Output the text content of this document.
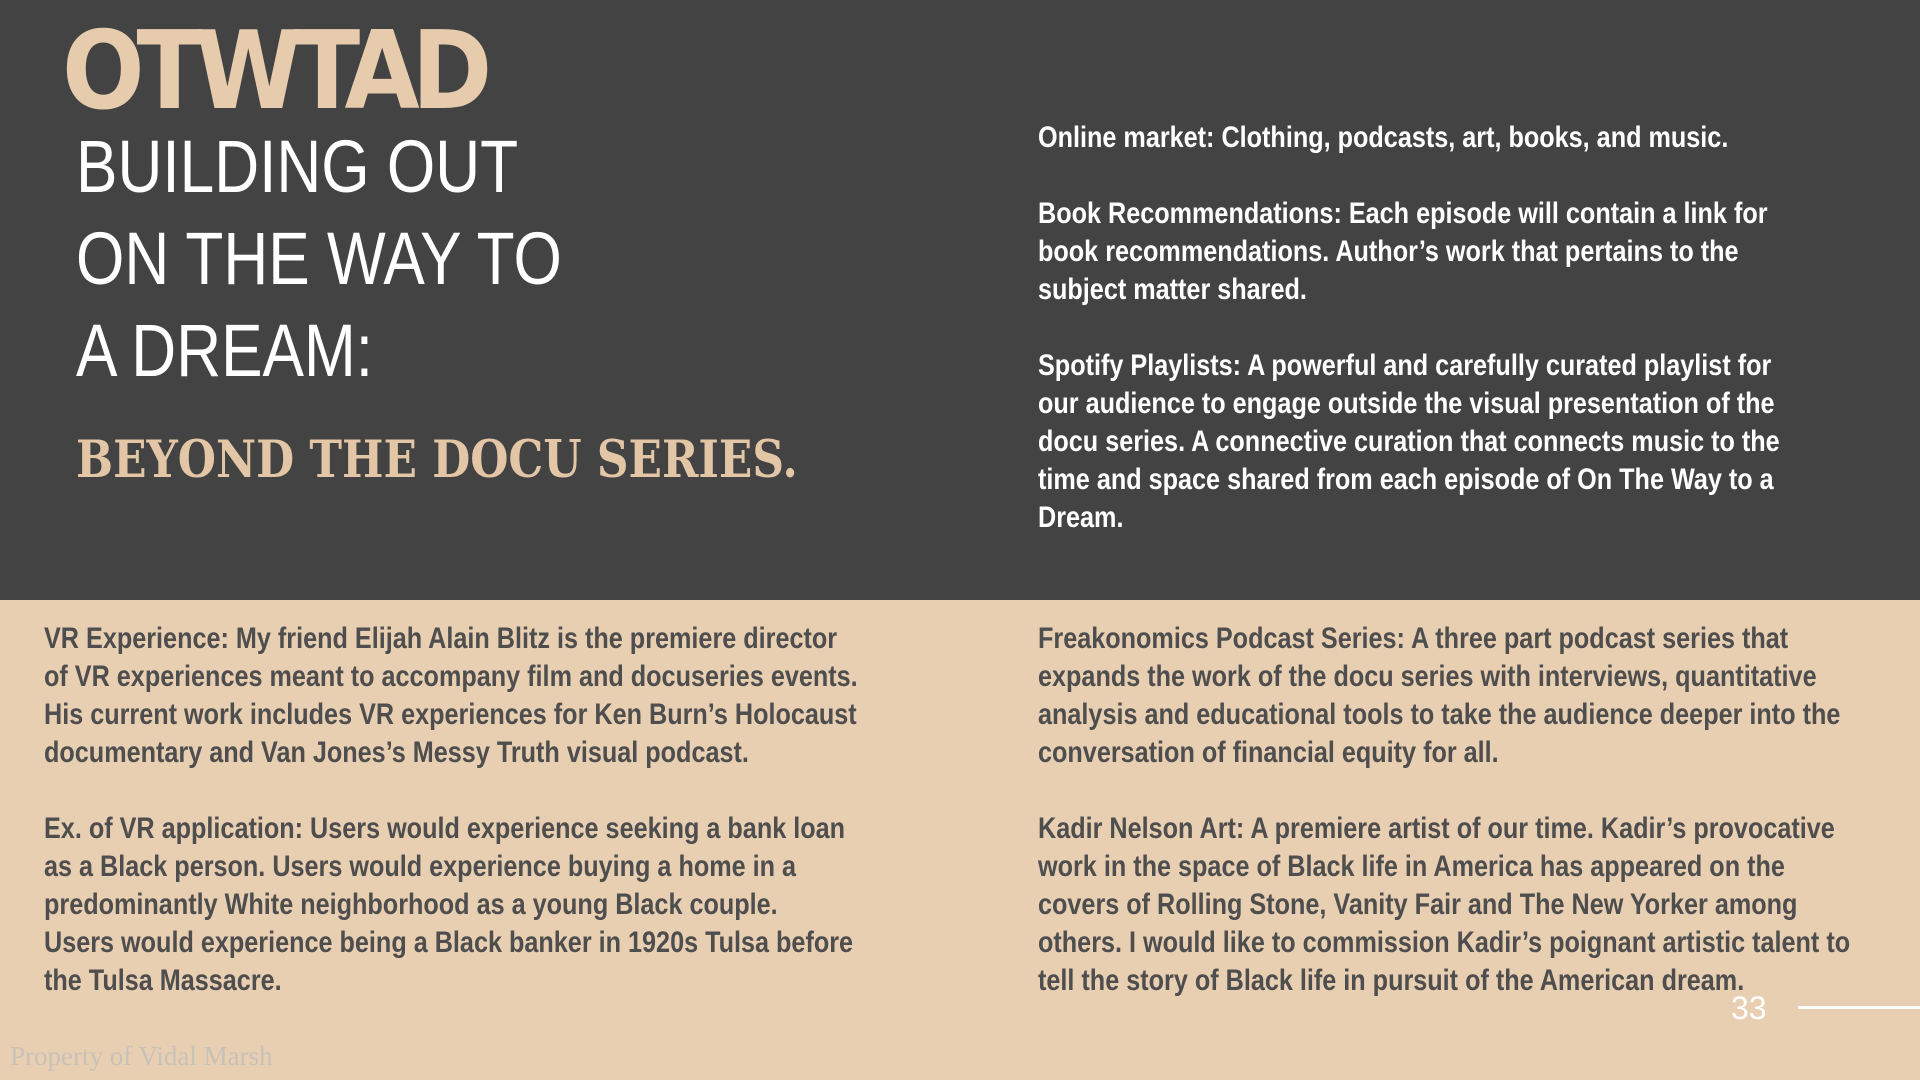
OTWTAD
BUILDING OUT ON THE WAY TO A DREAM:
BEYOND THE DOCU SERIES.

Online market: Clothing, podcasts, art, books, and music.

Book Recommendations: Each episode will contain a link for
book recommendations. Author’s work that pertains to the
subject matter shared.

Spotify Playlists: A powerful and carefully curated playlist for
our audience to engage outside the visual presentation of the
docu series. A connective curation that connects music to the
time and space shared from each episode of On The Way to a
Dream.

VR Experience: My friend Elijah Alain Blitz is the premiere director
of VR experiences meant to accompany film and docuseries events.
His current work includes VR experiences for Ken Burn’s Holocaust
documentary and Van Jones’s Messy Truth visual podcast.

Ex. of VR application: Users would experience seeking a bank loan
as a Black person. Users would experience buying a home in a
predominantly White neighborhood as a young Black couple.
Users would experience being a Black banker in 1920s Tulsa before
the Tulsa Massacre.

Freakonomics Podcast Series: A three part podcast series that
expands the work of the docu series with interviews, quantitative
analysis and educational tools to take the audience deeper into the
conversation of financial equity for all.

Kadir Nelson Art: A premiere artist of our time. Kadir’s provocative
work in the space of Black life in America has appeared on the
covers of Rolling Stone, Vanity Fair and The New Yorker among
others. I would like to commission Kadir’s poignant artistic talent to
tell the story of Black life in pursuit of the American dream.

33
Property of Vidal Marsh
